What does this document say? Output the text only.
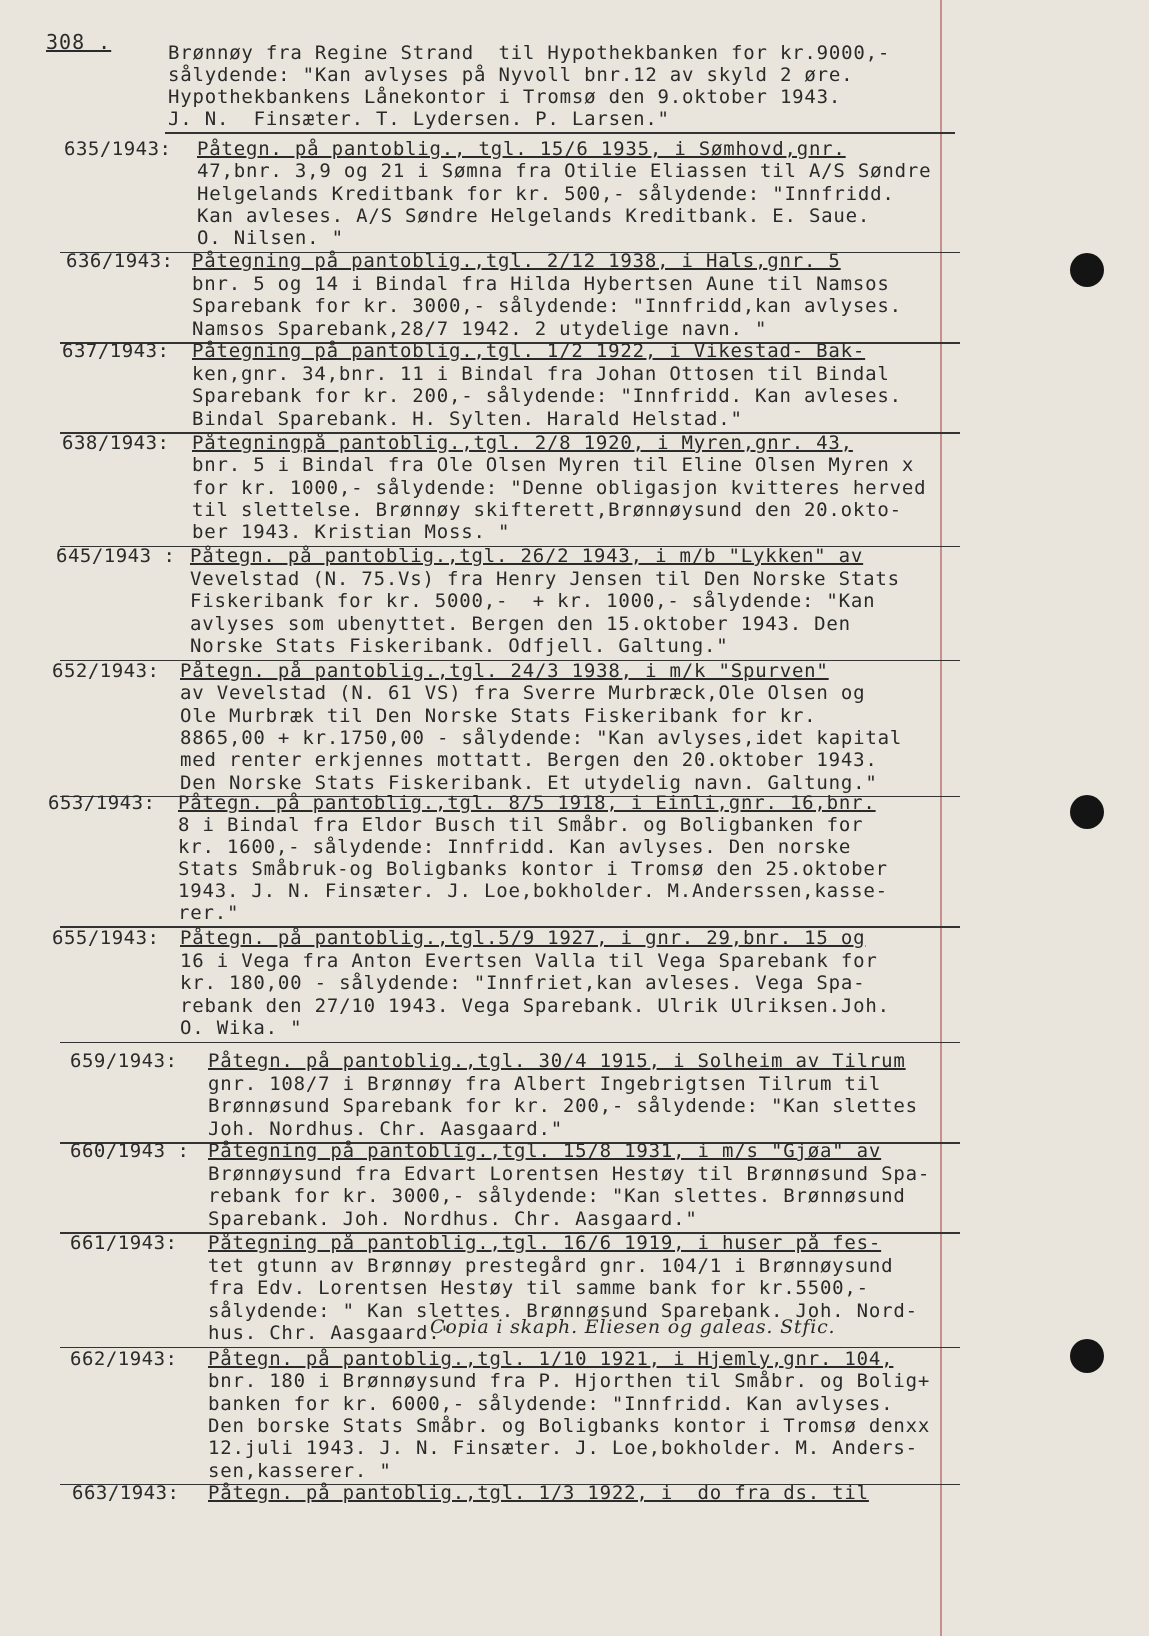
308 .	Brønnøy fra Regine Strand  til Hypothekbanken for kr.9000,-
sålydende: "Kan avlyses på Nyvoll bnr.12 av skyld 2 øre.
Hypothekbankens Lånekontor i Tromsø den 9.oktober 1943.
J. N.  Finsæter. T. Lydersen. P. Larsen."
635/1943: Påtegn. på pantoblig., tgl. 15/6 1935, i Sømhovd,gnr.
47,bnr. 3,9 og 21 i Sømna fra Otilie Eliassen til A/S Søndre
Helgelands Kreditbank for kr. 500,- sålydende: "Innfridd.
Kan avleses. A/S Søndre Helgelands Kreditbank. E. Saue.
O. Nilsen. "
636/1943: Påtegning på pantoblig.,tgl. 2/12 1938, i Hals,gnr. 5
bnr. 5 og 14 i Bindal fra Hilda Hybertsen Aune til Namsos
Sparebank for kr. 3000,- sålydende: "Innfridd,kan avlyses.
Namsos Sparebank,28/7 1942. 2 utydelige navn. "
637/1943: Påtegning på pantoblig.,tgl. 1/2 1922, i Vikestad- Bak-
ken,gnr. 34,bnr. 11 i Bindal fra Johan Ottosen til Bindal
Sparebank for kr. 200,- sålydende: "Innfridd. Kan avleses.
Bindal Sparebank. H. Sylten. Harald Helstad."
638/1943: Påtegningpå pantoblig.,tgl. 2/8 1920, i Myren,gnr. 43,
bnr. 5 i Bindal fra Ole Olsen Myren til Eline Olsen Myren x
for kr. 1000,- sålydende: "Denne obligasjon kvitteres herved
til slettelse. Brønnøy skifterett,Brønnøysund den 20.okto-
ber 1943. Kristian Moss. "
645/1943 : Påtegn. på pantoblig.,tgl. 26/2 1943, i m/b "Lykken" av
Vevelstad (N. 75.Vs) fra Henry Jensen til Den Norske Stats
Fiskeribank for kr. 5000,-  + kr. 1000,- sålydende: "Kan
avlyses som ubenyttet. Bergen den 15.oktober 1943. Den
Norske Stats Fiskeribank. Odfjell. Galtung."
652/1943: Påtegn. på pantoblig.,tgl. 24/3 1938, i m/k "Spurven"
av Vevelstad (N. 61 VS) fra Sverre Murbræck,Ole Olsen og
Ole Murbræk til Den Norske Stats Fiskeribank for kr.
8865,00 + kr.1750,00 - sålydende: "Kan avlyses,idet kapital
med renter erkjennes mottatt. Bergen den 20.oktober 1943.
Den Norske Stats Fiskeribank. Et utydelig navn. Galtung."
653/1943: Påtegn. på pantoblig.,tgl. 8/5 1918, i Einli,gnr. 16,bnr.
8 i Bindal fra Eldor Busch til Småbr. og Boligbanken for
kr. 1600,- sålydende: Innfridd. Kan avlyses. Den norske
Stats Småbruk-og Boligbanks kontor i Tromsø den 25.oktober
1943. J. N. Finsæter. J. Loe,bokholder. M.Anderssen,kasse-
rer."
655/1943: Påtegn. på pantoblig.,tgl.5/9 1927, i gnr. 29,bnr. 15 og
16 i Vega fra Anton Evertsen Valla til Vega Sparebank for
kr. 180,00 - sålydende: "Innfriet,kan avleses. Vega Spa-
rebank den 27/10 1943. Vega Sparebank. Ulrik Ulriksen.Joh.
O. Wika. "
659/1943: Påtegn. på pantoblig.,tgl. 30/4 1915, i Solheim av Tilrum
gnr. 108/7 i Brønnøy fra Albert Ingebrigtsen Tilrum til
Brønnøsund Sparebank for kr. 200,- sålydende: "Kan slettes
Joh. Nordhus. Chr. Aasgaard."
660/1943 : Påtegning på pantoblig.,tgl. 15/8 1931, i m/s "Gjøa" av
Brønnøysund fra Edvart Lorentsen Hestøy til Brønnøsund Spa-
rebank for kr. 3000,- sålydende: "Kan slettes. Brønnøsund
Sparebank. Joh. Nordhus. Chr. Aasgaard."
661/1943: Påtegning på pantoblig.,tgl. 16/6 1919, i huser på fes-
tet gtunn av Brønnøy prestegård gnr. 104/1 i Brønnøysund
fra Edv. Lorentsen Hestøy til samme bank for kr.5500,-
sålydende: " Kan slettes. Brønnøsund Sparebank. Joh. Nord-
hus. Chr. Aasgaard."
Copia i skaph. Eliesen og galeas. Stfic.
662/1943: Påtegn. på pantoblig.,tgl. 1/10 1921, i Hjemly,gnr. 104,
bnr. 180 i Brønnøysund fra P. Hjorthen til Småbr. og Bolig+
banken for kr. 6000,- sålydende: "Innfridd. Kan avlyses.
Den borske Stats Småbr. og Boligbanks kontor i Tromsø denxx
12.juli 1943. J. N. Finsæter. J. Loe,bokholder. M. Anders-
sen,kasserer. "
663/1943: Påtegn. på pantoblig.,tgl. 1/3 1922, i  do fra ds. til
